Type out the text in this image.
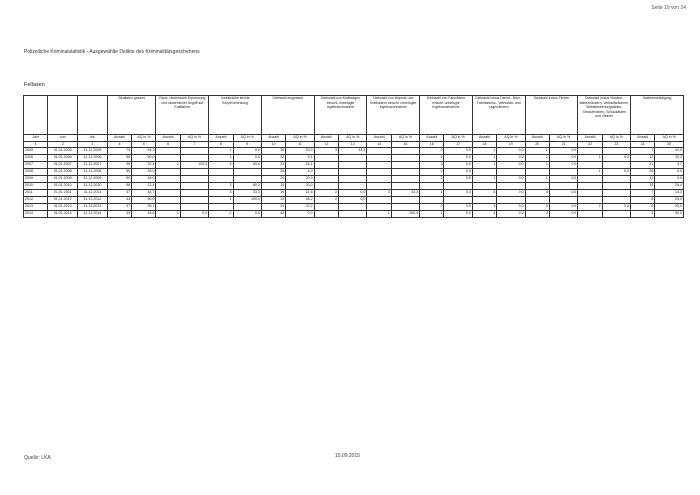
Seite 19 von 34
Polizeiliche Kriminalstatistik - Ausgewählte Delikte des Kriminalitätsgeschehens
Fellasen
			Straftaten gesamt		Raub, räuberische Erpressung und räuberischer Angriff auf Kraftfahrer		Vorsätzliche leichte Körperverletzung		Diebstahl insgesamt		Diebstahl von Kraftwagen einschl. unbefugte Ingebrauchnahme		Diebstahl von Mopeds und Krafträdern einschl. unbefugter Ingebrauchnahme		Diebstahl von Fahrrädern einschl. unbefugte Ingebrauchnahme		Diebstahl in/aus Dienst-, Büro-, Fabrikations-, Werkstatt- und Lagerräumen		Diebstahl in/aus Firmen		Diebstahl in/aus Kiosken, Warenhäusern, Verkaufsräumen, Selbstbedienungsläden, Schaufenstern, Schaukästen und Vitrinen		Sachbeschädigung	
Jahr	von	bis	Anzahl	AQ in %	Anzahl	AQ in %	Anzahl	AQ in %	Anzahl	AQ in %	Anzahl	AQ in %	Anzahl	AQ in %	Anzahl	AQ in %	Anzahl	AQ in %	Anzahl	AQ in %	Anzahl	AQ in %	Anzahl	AQ in %
1	2	3	4	5	6	7	8	9	10	11	12	13	14	15	16	17	18	19	20	21	22	23	24	25
2005	01.01.2005	31.12.2005	70	54,3			1	0,0	30	20,0	3	33,3			2	0,0	1	0,0	1	0,0			7	42,9
2006	01.01.2006	31.12.2006	58	50,0			1	0,0	22	9,1					4	0,0	1	0,0	1	0,0	1	0,0	12	33,3
2007	01.01.2007	31.12.2007	36	32,4	1	100,0	3	60,0	31	16,1					3	0,0	1	0,0	1	0,0			21	3,7
2008	01.01.2008	31.12.2008	50	26,0					26	4,0					2	0,0					1	0,0	26	0,0
2009	01.01.2009	31.12.2009	50	46,0					20	20,0					2	0,0	1	0,0	1	0,0			11	0,0
2010	01.01.2010	31.12.2010	58	22,4			3	60,0	10	20,0													15	26,4
2011	01.01.2011	31.12.2011	47	44,7			3	33,3	19	21,5	2	0,0	3	33,3	1	0,0	4	0,0	4	0,0			7	14,3
2012	01.01.2012	31.12.2012	44	50,0			1	100,0	13	46,2	2	0,0											8	25,0
2013	01.01.2013	31.12.2013	37	35,1					24	22,2					2	0,0	3	0,0	5	0,0	2	0,0	8	25,0
2014	01.01.2014	31.12.2014	39	34,6	1	0,0	2	0,0	42	0,0			1	100,0	1	0,0	3	0,0	4	0,0			4	50,0
Quelle: LKA	15.09.2015
